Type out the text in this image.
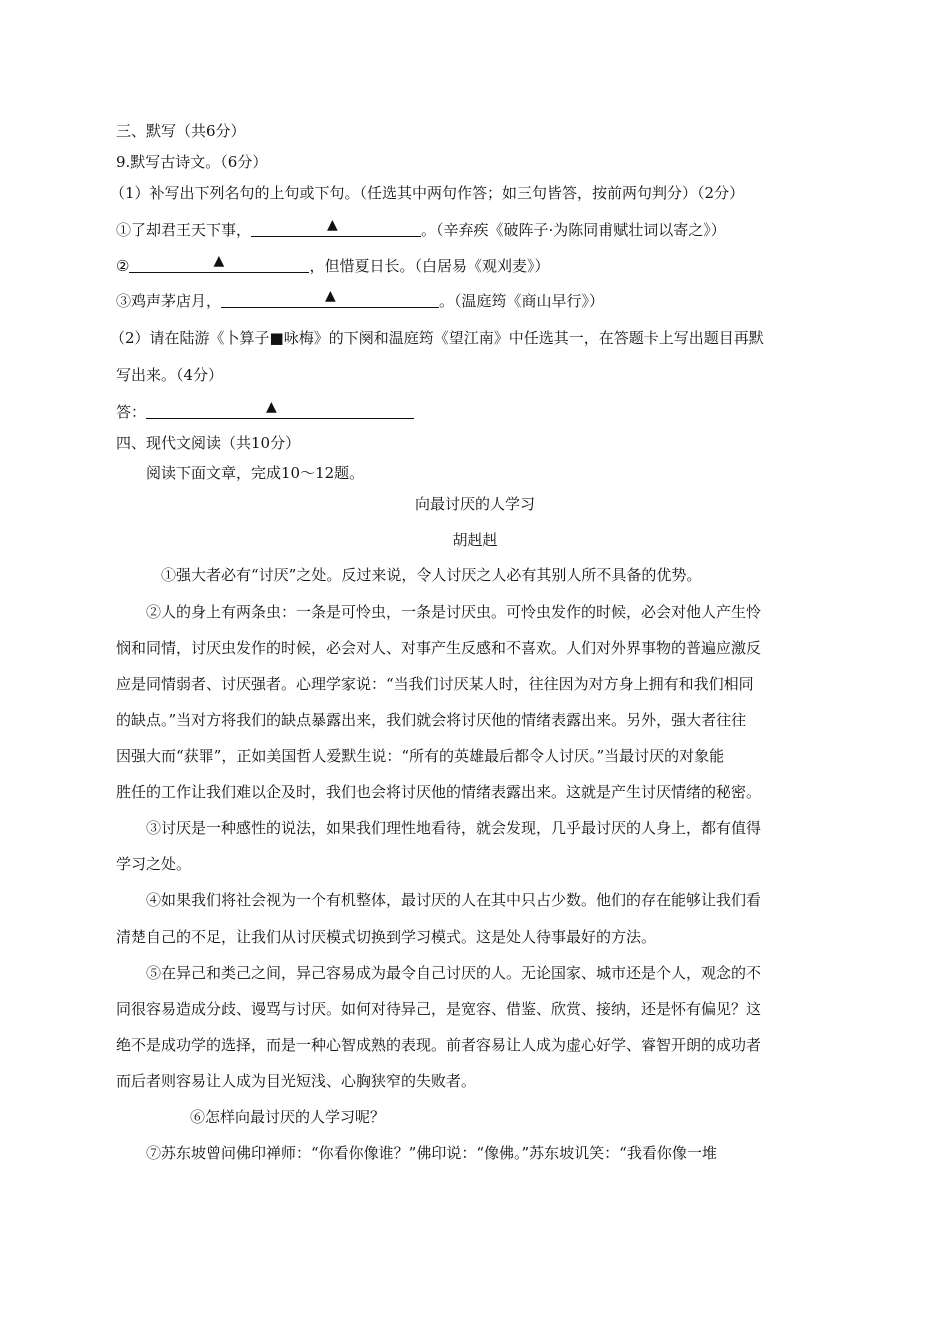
三、默写（共6分）
9.默写古诗文。（6分）
（1）补写出下列名句的上句或下句。（任选其中两句作答；如三句皆答，按前两句判分）（2分）
①了却君王天下事，	▲	。（辛弃疾《破阵子·为陈同甫赋壮词以寄之》）
②	▲	，但惜夏日长。（白居易《观刈麦》）
③鸡声茅店月，	▲	。（温庭筠《商山早行》）
（2）请在陆游《卜算子■咏梅》的下阕和温庭筠《望江南》中任选其一，在答题卡上写出题目再默
写出来。（4分）
答：	▲
四、现代文阅读（共10分）
阅读下面文章，完成10～12题。
向最讨厌的人学习
胡赳赳
①强大者必有“讨厌”之处。反过来说，令人讨厌之人必有其别人所不具备的优势。
②人的身上有两条虫：一条是可怜虫，一条是讨厌虫。可怜虫发作的时候，必会对他人产生怜
悯和同情，讨厌虫发作的时候，必会对人、对事产生反感和不喜欢。人们对外界事物的普遍应激反
应是同情弱者、讨厌强者。心理学家说：“当我们讨厌某人时，往往因为对方身上拥有和我们相同
的缺点。”当对方将我们的缺点暴露出来，我们就会将讨厌他的情绪表露出来。另外，强大者往往
因强大而“获罪”，正如美国哲人爱默生说：“所有的英雄最后都令人讨厌。”当最讨厌的对象能
胜任的工作让我们难以企及时，我们也会将讨厌他的情绪表露出来。这就是产生讨厌情绪的秘密。
③讨厌是一种感性的说法，如果我们理性地看待，就会发现，几乎最讨厌的人身上，都有值得
学习之处。
④如果我们将社会视为一个有机整体，最讨厌的人在其中只占少数。他们的存在能够让我们看
清楚自己的不足，让我们从讨厌模式切换到学习模式。这是处人待事最好的方法。
⑤在异己和类己之间，异己容易成为最令自己讨厌的人。无论国家、城市还是个人，观念的不
同很容易造成分歧、谩骂与讨厌。如何对待异己，是宽容、借鉴、欣赏、接纳，还是怀有偏见？这
绝不是成功学的选择，而是一种心智成熟的表现。前者容易让人成为虚心好学、睿智开朗的成功者
而后者则容易让人成为目光短浅、心胸狭窄的失败者。
⑥怎样向最讨厌的人学习呢？
⑦苏东坡曾问佛印禅师：“你看你像谁？”佛印说：“像佛。”苏东坡讥笑：“我看你像一堆
